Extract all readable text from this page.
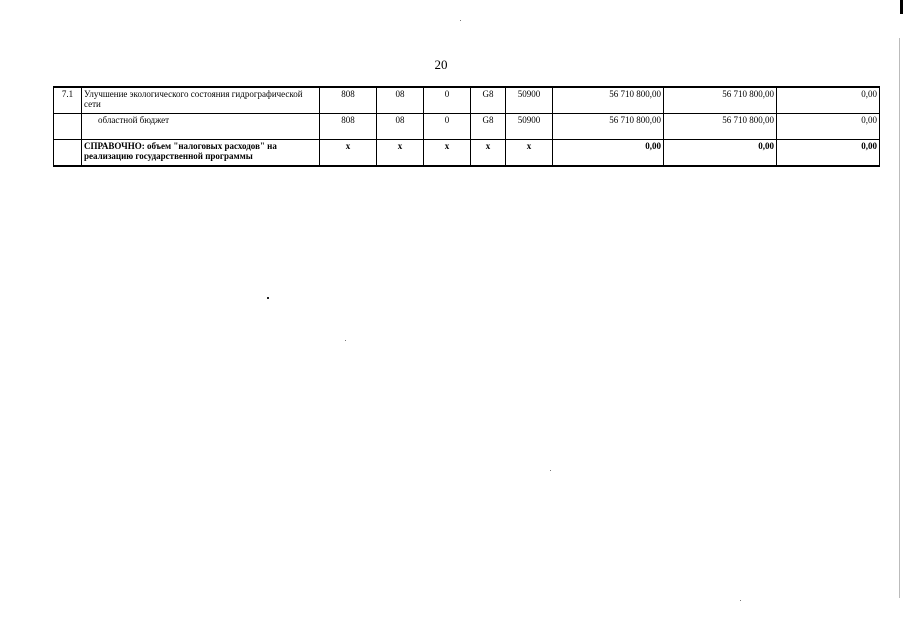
20
7.1	Улучшение экологического состояния гидрографической сети	808	08	0	G8	50900	56 710 800,00	56 710 800,00	0,00
	областной бюджет	808	08	0	G8	50900	56 710 800,00	56 710 800,00	0,00
	СПРАВОЧНО: объем "налоговых расходов" на реализацию государственной программы	x	x	x	x	x	0,00	0,00	0,00
